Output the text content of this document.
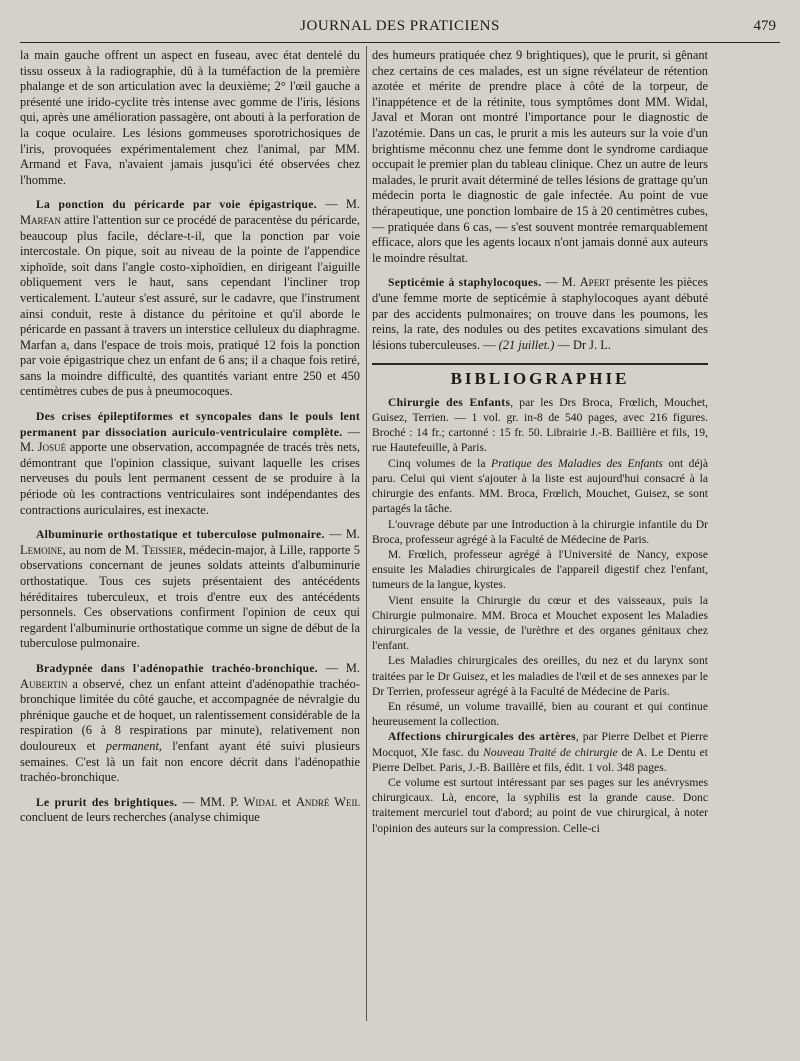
JOURNAL DES PRATICIENS	479

la main gauche offrent un aspect en fuseau, avec état dentelé du tissu osseux à la radiographie, dû à la tuméfaction de la première phalange et de son articulation avec la deuxième; 2° l'œil gauche a présenté une irido-cyclite très intense avec gomme de l'iris, lésions qui, après une amélioration passagère, ont abouti à la perforation de la coque oculaire. Les lésions gommeuses sporotrichosiques de l'iris, provoquées expérimentalement chez l'animal, par MM. Armand et Fava, n'avaient jamais jusqu'ici été observées chez l'homme.

La ponction du péricarde par voie épigastrique. — M. Marfan attire l'attention sur ce procédé de paracentèse du péricarde, beaucoup plus facile, déclare-t-il, que la ponction par voie intercostale. On pique, soit au niveau de la pointe de l'appendice xiphoïde, soit dans l'angle costo-xiphoïdien, en dirigeant l'aiguille obliquement vers le haut, sans cependant l'incliner trop verticalement. L'auteur s'est assuré, sur le cadavre, que l'instrument ainsi conduit, reste à distance du péritoine et qu'il aborde le péricarde en passant à travers un interstice celluleux du diaphragme. Marfan a, dans l'espace de trois mois, pratiqué 12 fois la ponction par voie épigastrique chez un enfant de 6 ans; il a chaque fois retiré, sans la moindre difficulté, des quantités variant entre 250 et 450 centimètres cubes de pus à pneumocoques.

Des crises épileptiformes et syncopales dans le pouls lent permanent par dissociation auriculo-ventriculaire complète. — M. Josué apporte une observation, accompagnée de tracés très nets, démontrant que l'opinion classique, suivant laquelle les crises nerveuses du pouls lent permanent cessent de se produire à la période où les contractions ventriculaires sont indépendantes des contractions auriculaires, est inexacte.

Albuminurie orthostatique et tuberculose pulmonaire. — M. Lemoine, au nom de M. Teissier, médecin-major, à Lille, rapporte 5 observations concernant de jeunes soldats atteints d'albuminurie orthostatique. Tous ces sujets présentaient des antécédents héréditaires tuberculeux, et trois d'entre eux des antécédents personnels. Ces observations confirment l'opinion de ceux qui regardent l'albuminurie orthostatique comme un signe de début de la tuberculose pulmonaire.

Bradypnée dans l'adénopathie trachéo-bronchique. — M. Aubertin a observé, chez un enfant atteint d'adénopathie trachéo-bronchique limitée du côté gauche, et accompagnée de névralgie du phrénique gauche et de hoquet, un ralentissement considérable de la respiration (6 à 8 respirations par minute), relativement non douloureux et permanent, l'enfant ayant été suivi plusieurs semaines. C'est là un fait non encore décrit dans l'adénopathie trachéo-bronchique.

Le prurit des brightiques. — MM. P. Widal et André Weil concluent de leurs recherches (analyse chimique

des humeurs pratiquée chez 9 brightiques), que le prurit, si gênant chez certains de ces malades, est un signe révélateur de rétention azotée et mérite de prendre place à côté de la torpeur, de l'inappétence et de la rétinite, tous symptômes dont MM. Widal, Javal et Moran ont montré l'importance pour le diagnostic de l'azotémie. Dans un cas, le prurit a mis les auteurs sur la voie d'un brightisme méconnu chez une femme dont le syndrome cardiaque occupait le premier plan du tableau clinique. Chez un autre de leurs malades, le prurit avait déterminé de telles lésions de grattage qu'un médecin porta le diagnostic de gale infectée. Au point de vue thérapeutique, une ponction lombaire de 15 à 20 centimètres cubes, — pratiquée dans 6 cas, — s'est souvent montrée remarquablement efficace, alors que les agents locaux n'ont jamais donné aux auteurs le moindre résultat.

Septicémie à staphylocoques. — M. Apert présente les pièces d'une femme morte de septicémie à staphylocoques ayant débuté par des accidents pulmonaires; on trouve dans les poumons, les reins, la rate, des nodules ou des petites excavations simulant des lésions tuberculeuses. — (21 juillet.) — Dr J. L.

BIBLIOGRAPHIE

Chirurgie des Enfants, par les Drs Broca, Frœlich, Mouchet, Guisez, Terrien. — 1 vol. gr. in-8 de 540 pages, avec 216 figures. Broché : 14 fr.; cartonné : 15 fr. 50. Librairie J.-B. Baillière et fils, 19, rue Hautefeuille, à Paris.

Cinq volumes de la Pratique des Maladies des Enfants ont déjà paru. Celui qui vient s'ajouter à la liste est aujourd'hui consacré à la chirurgie des enfants. MM. Broca, Frœlich, Mouchet, Guisez, se sont partagés la tâche.

L'ouvrage débute par une Introduction à la chirurgie infantile du Dr Broca, professeur agrégé à la Faculté de Médecine de Paris.

M. Frœlich, professeur agrégé à l'Université de Nancy, expose ensuite les Maladies chirurgicales de l'appareil digestif chez l'enfant, tumeurs de la langue, kystes.

Vient ensuite la Chirurgie du cœur et des vaisseaux, puis la Chirurgie pulmonaire. MM. Broca et Mouchet exposent les Maladies chirurgicales de la vessie, de l'urèthre et des organes génitaux chez l'enfant.

Les Maladies chirurgicales des oreilles, du nez et du larynx sont traitées par le Dr Guisez, et les maladies de l'œil et de ses annexes par le Dr Terrien, professeur agrégé à la Faculté de Médecine de Paris.

En résumé, un volume travaillé, bien au courant et qui continue heureusement la collection.

Affections chirurgicales des artères, par Pierre Delbet et Pierre Mocquot, XIe fasc. du Nouveau Traité de chirurgie de A. Le Dentu et Pierre Delbet. Paris, J.-B. Baillère et fils, édit. 1 vol. 348 pages.

Ce volume est surtout intéressant par ses pages sur les anévrysmes chirurgicaux. Là, encore, la syphilis est la grande cause. Donc traitement mercuriel tout d'abord; au point de vue chirurgical, à noter l'opinion des auteurs sur la compression. Celle-ci
